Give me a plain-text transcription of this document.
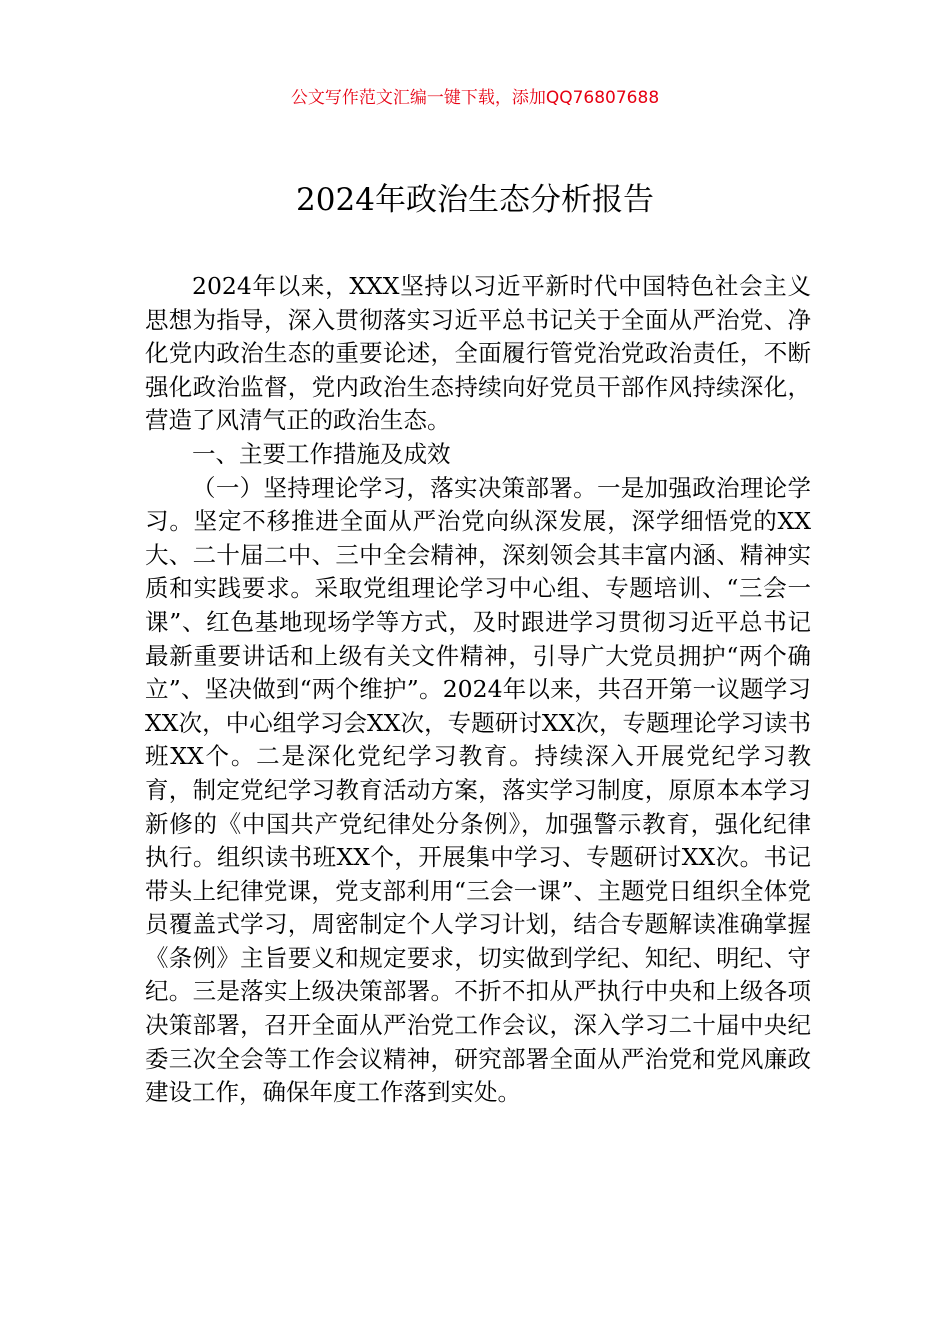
公文写作范文汇编一键下载，添加QQ76807688
2024年政治生态分析报告

2024年以来，XXX坚持以习近平新时代中国特色社会主义思想为指导，深入贯彻落实习近平总书记关于全面从严治党、净化党内政治生态的重要论述，全面履行管党治党政治责任，不断强化政治监督，党内政治生态持续向好党员干部作风持续深化，营造了风清气正的政治生态。

一、主要工作措施及成效

（一）坚持理论学习，落实决策部署。一是加强政治理论学习。坚定不移推进全面从严治党向纵深发展，深学细悟党的XX大、二十届二中、三中全会精神，深刻领会其丰富内涵、精神实质和实践要求。采取党组理论学习中心组、专题培训、“三会一课”、红色基地现场学等方式，及时跟进学习贯彻习近平总书记最新重要讲话和上级有关文件精神，引导广大党员拥护“两个确立”、坚决做到“两个维护”。2024年以来，共召开第一议题学习XX次，中心组学习会XX次，专题研讨XX次，专题理论学习读书班XX个。二是深化党纪学习教育。持续深入开展党纪学习教育，制定党纪学习教育活动方案，落实学习制度，原原本本学习新修的《中国共产党纪律处分条例》，加强警示教育，强化纪律执行。组织读书班XX个，开展集中学习、专题研讨XX次。书记带头上纪律党课，党支部利用“三会一课”、主题党日组织全体党员覆盖式学习，周密制定个人学习计划，结合专题解读准确掌握《条例》主旨要义和规定要求，切实做到学纪、知纪、明纪、守纪。三是落实上级决策部署。不折不扣从严执行中央和上级各项决策部署，召开全面从严治党工作会议，深入学习二十届中央纪委三次全会等工作会议精神，研究部署全面从严治党和党风廉政建设工作，确保年度工作落到实处。
